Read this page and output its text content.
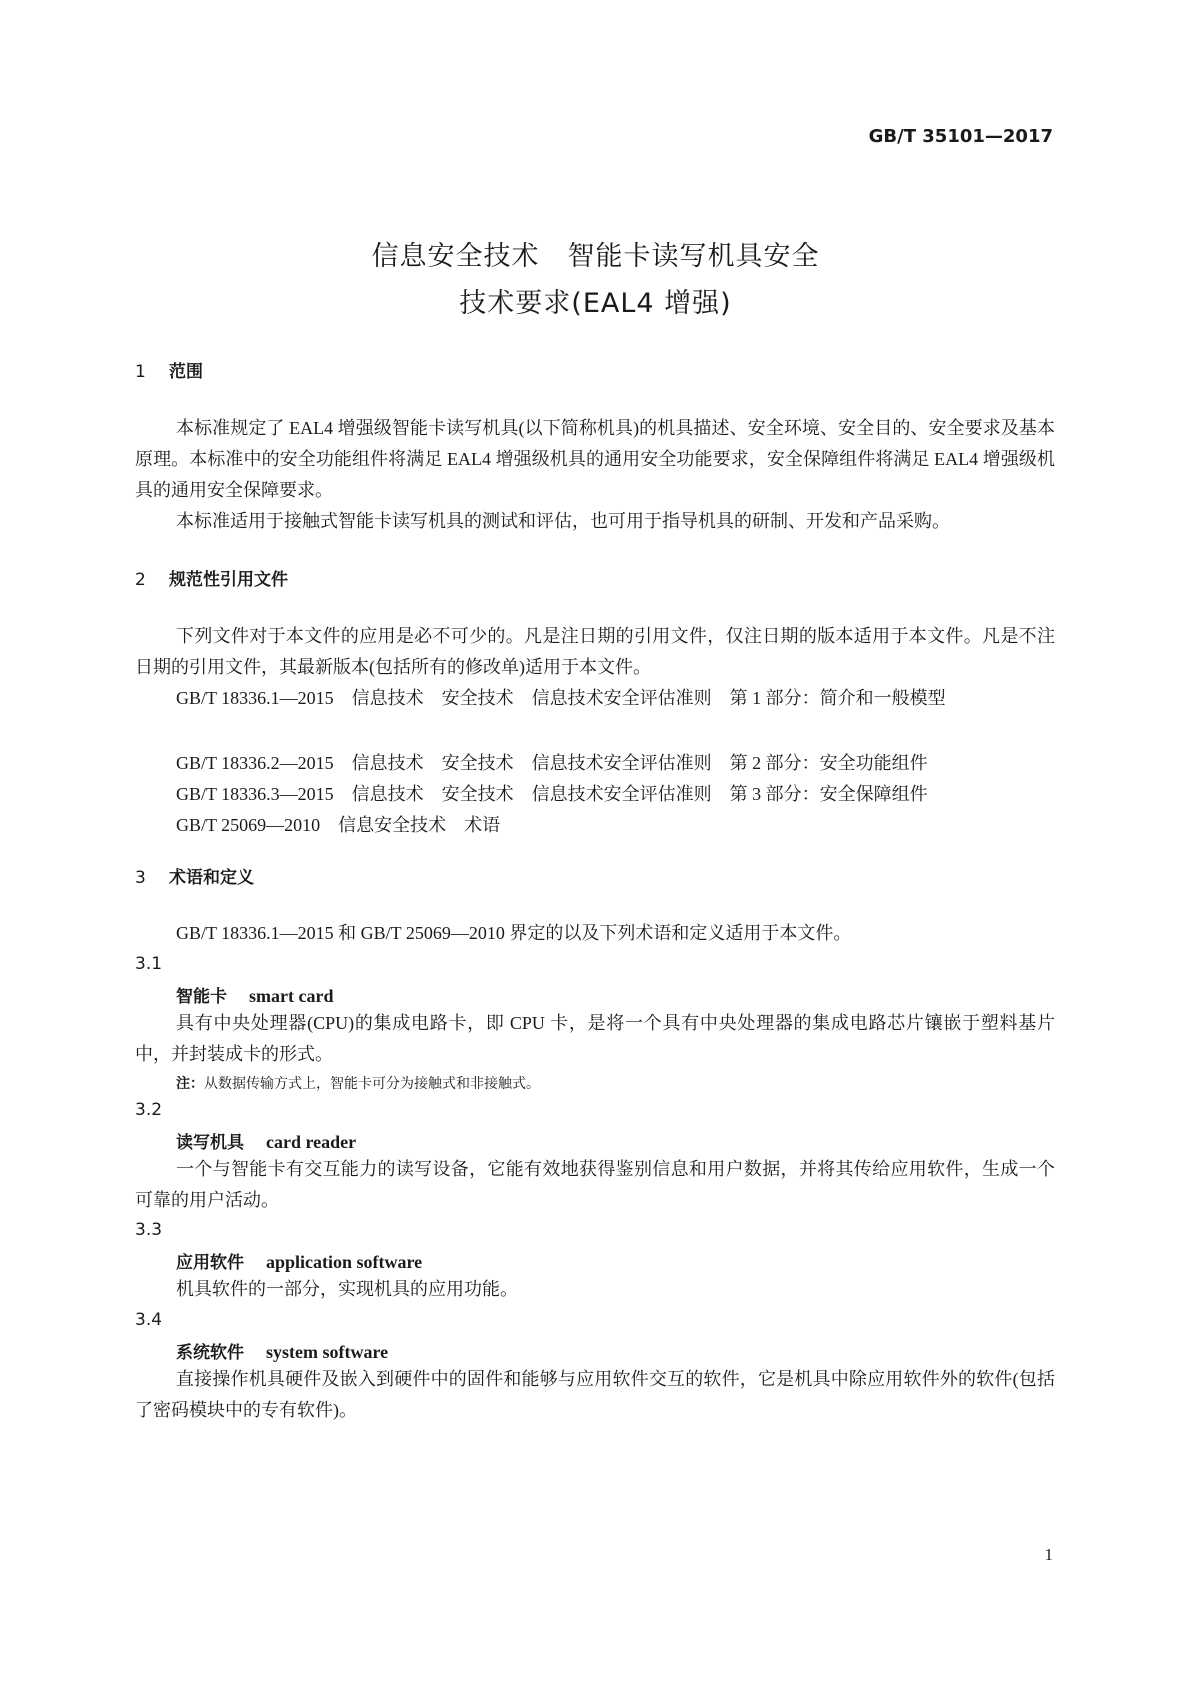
GB/T 35101—2017
信息安全技术　智能卡读写机具安全
技术要求(EAL4 增强)
1 范围
本标准规定了 EAL4 增强级智能卡读写机具(以下简称机具)的机具描述、安全环境、安全目的、安全要求及基本原理。本标准中的安全功能组件将满足 EAL4 增强级机具的通用安全功能要求，安全保障组件将满足 EAL4 增强级机具的通用安全保障要求。
本标准适用于接触式智能卡读写机具的测试和评估，也可用于指导机具的研制、开发和产品采购。
2 规范性引用文件
下列文件对于本文件的应用是必不可少的。凡是注日期的引用文件，仅注日期的版本适用于本文件。凡是不注日期的引用文件，其最新版本(包括所有的修改单)适用于本文件。
GB/T 18336.1—2015　信息技术　安全技术　信息技术安全评估准则　第 1 部分：简介和一般模型
GB/T 18336.2—2015　信息技术　安全技术　信息技术安全评估准则　第 2 部分：安全功能组件
GB/T 18336.3—2015　信息技术　安全技术　信息技术安全评估准则　第 3 部分：安全保障组件
GB/T 25069—2010　信息安全技术　术语
3 术语和定义
GB/T 18336.1—2015 和 GB/T 25069—2010 界定的以及下列术语和定义适用于本文件。
3.1
智能卡 smart card
具有中央处理器(CPU)的集成电路卡，即 CPU 卡，是将一个具有中央处理器的集成电路芯片镶嵌于塑料基片中，并封装成卡的形式。
注：从数据传输方式上，智能卡可分为接触式和非接触式。
3.2
读写机具 card reader
一个与智能卡有交互能力的读写设备，它能有效地获得鉴别信息和用户数据，并将其传给应用软件，生成一个可靠的用户活动。
3.3
应用软件 application software
机具软件的一部分，实现机具的应用功能。
3.4
系统软件 system software
直接操作机具硬件及嵌入到硬件中的固件和能够与应用软件交互的软件，它是机具中除应用软件外的软件(包括了密码模块中的专有软件)。
1
